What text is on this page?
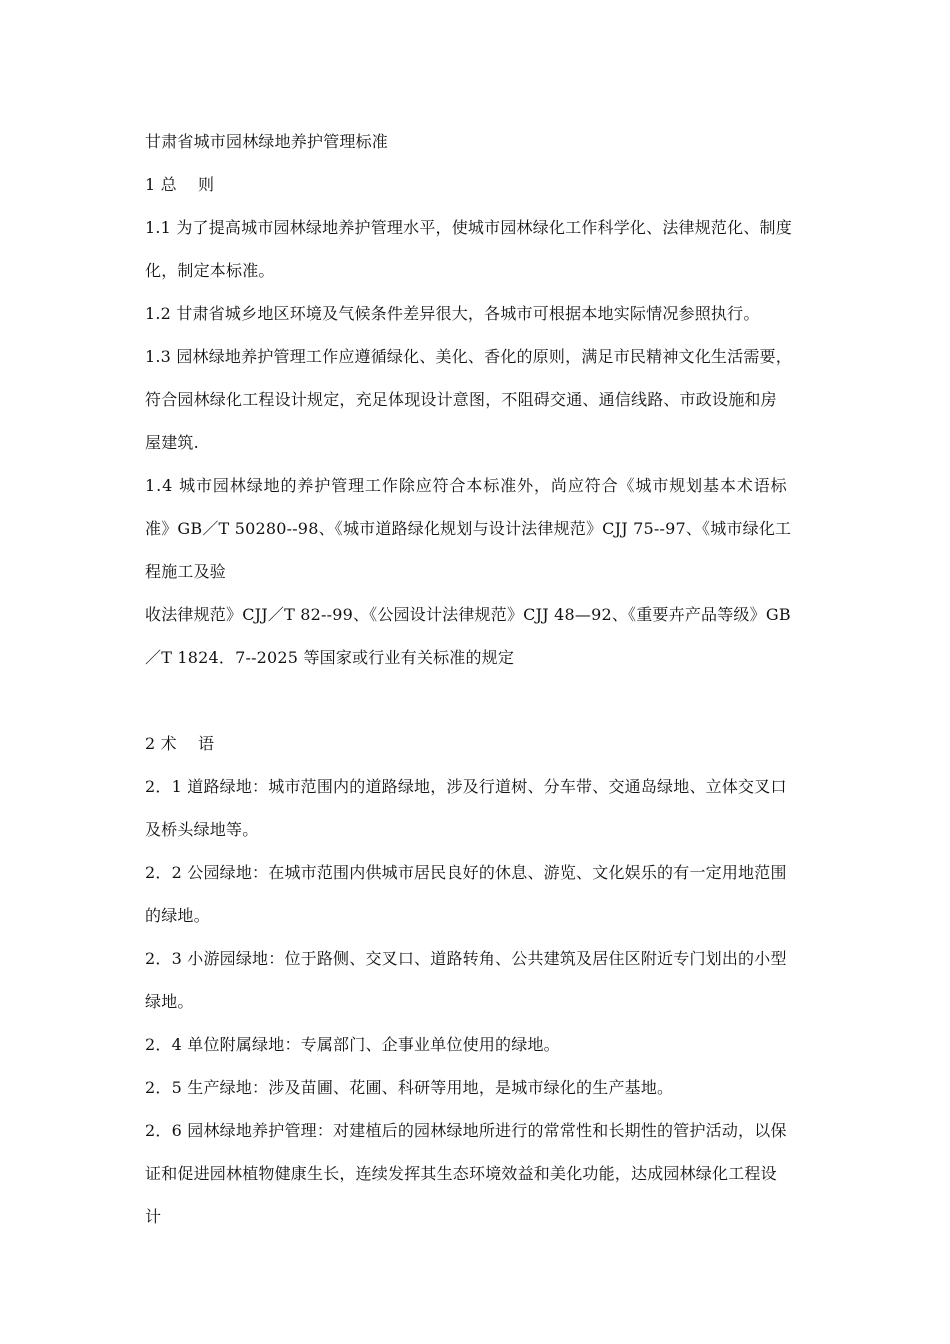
甘肃省城市园林绿地养护管理标准
1 总    则
1.1 为了提高城市园林绿地养护管理水平，使城市园林绿化工作科学化、法律规范化、制度
化，制定本标准。
1.2 甘肃省城乡地区环境及气候条件差异很大，各城市可根据本地实际情况参照执行。
1.3 园林绿地养护管理工作应遵循绿化、美化、香化的原则，满足市民精神文化生活需要，
符合园林绿化工程设计规定，充足体现设计意图，不阻碍交通、通信线路、市政设施和房
屋建筑.
1.4 城市园林绿地的养护管理工作除应符合本标准外，尚应符合《城市规划基本术语标
准》GB／T 50280--98、《城市道路绿化规划与设计法律规范》CJJ 75--97、《城市绿化工
程施工及验
收法律规范》CJJ／T 82--99、《公园设计法律规范》CJJ 48—92、《重要卉产品等级》GB
／T 1824．7--2025 等国家或行业有关标准的规定
2 术    语
2．1 道路绿地：城市范围内的道路绿地，涉及行道树、分车带、交通岛绿地、立体交叉口
及桥头绿地等。
2．2 公园绿地：在城市范围内供城市居民良好的休息、游览、文化娱乐的有一定用地范围
的绿地。
2．3 小游园绿地：位于路侧、交叉口、道路转角、公共建筑及居住区附近专门划出的小型
绿地。
2．4 单位附属绿地：专属部门、企事业单位使用的绿地。
2．5 生产绿地：涉及苗圃、花圃、科研等用地，是城市绿化的生产基地。
2．6 园林绿地养护管理：对建植后的园林绿地所进行的常常性和长期性的管护活动，以保
证和促进园林植物健康生长，连续发挥其生态环境效益和美化功能，达成园林绿化工程设
计
